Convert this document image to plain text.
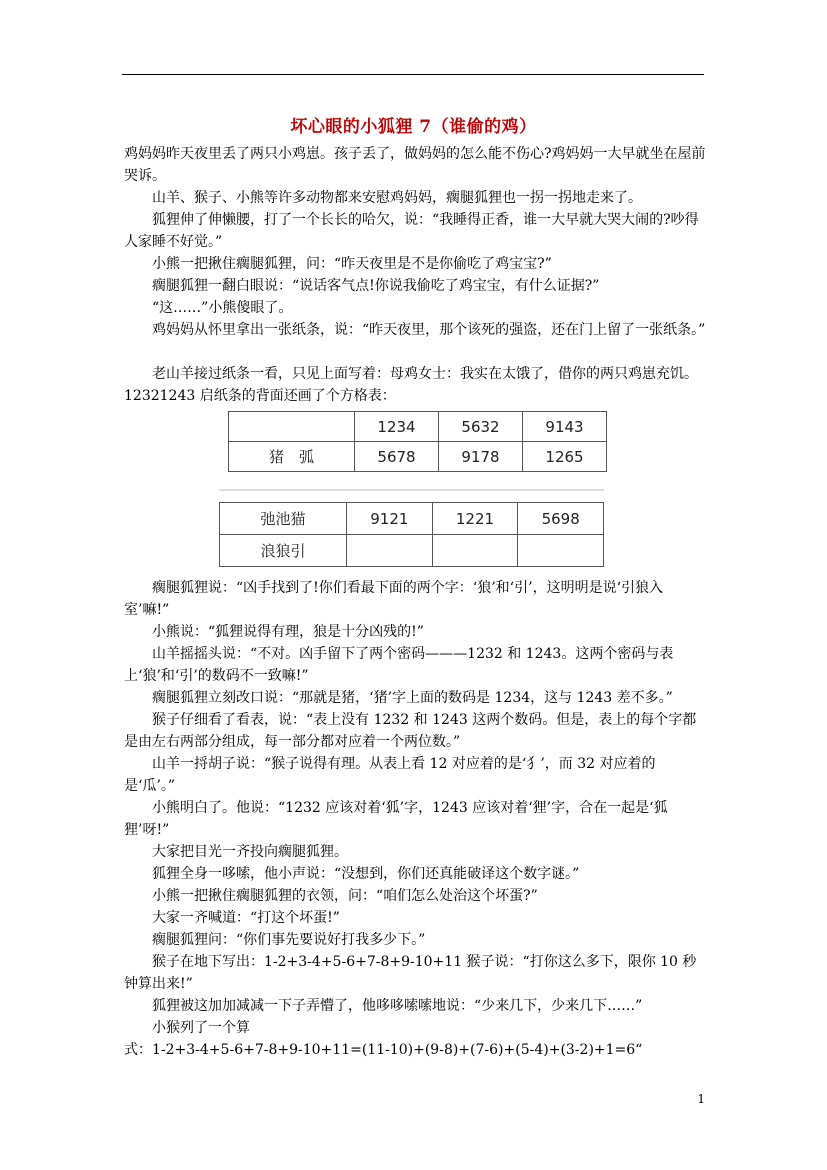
坏心眼的小狐狸 7（谁偷的鸡）

鸡妈妈昨天夜里丢了两只小鸡崽。孩子丢了，做妈妈的怎么能不伤心?鸡妈妈一大早就坐在屋前哭诉。

山羊、猴子、小熊等许多动物都来安慰鸡妈妈，瘸腿狐狸也一拐一拐地走来了。

狐狸伸了伸懒腰，打了一个长长的哈欠，说：“我睡得正香，谁一大早就大哭大闹的?吵得人家睡不好觉。”

小熊一把揪住瘸腿狐狸，问：“昨天夜里是不是你偷吃了鸡宝宝?”

瘸腿狐狸一翻白眼说：“说话客气点!你说我偷吃了鸡宝宝，有什么证据?”

“这……”小熊傻眼了。

鸡妈妈从怀里拿出一张纸条，说：“昨天夜里，那个该死的强盗，还在门上留了一张纸条。”

老山羊接过纸条一看，只见上面写着：母鸡女士：我实在太饿了，借你的两只鸡崽充饥。12321243 启纸条的背面还画了个方格表：

	1234	5632	9143
猪　弧	5678	9178	1265
弛池猫	9121	1221	5698
浪狼引			

瘸腿狐狸说：“凶手找到了!你们看最下面的两个字：‘狼’和‘引’，这明明是说‘引狼入室’嘛!”

小熊说：“狐狸说得有理，狼是十分凶残的!”

山羊摇摇头说：“不对。凶手留下了两个密码———1232 和 1243。这两个密码与表上‘狼’和‘引’的数码不一致嘛!”

瘸腿狐狸立刻改口说：“那就是猪，‘猪’字上面的数码是 1234，这与 1243 差不多。”

猴子仔细看了看表，说：“表上没有 1232 和 1243 这两个数码。但是，表上的每个字都是由左右两部分组成，每一部分都对应着一个两位数。”

山羊一捋胡子说：“猴子说得有理。从表上看 12 对应着的是‘犭’，而 32 对应着的是‘瓜’。”

小熊明白了。他说：“1232 应该对着‘狐’字，1243 应该对着‘狸’字，合在一起是‘狐狸’呀!”

大家把目光一齐投向瘸腿狐狸。

狐狸全身一哆嗦，他小声说：“没想到，你们还真能破译这个数字谜。”

小熊一把揪住瘸腿狐狸的衣领，问：“咱们怎么处治这个坏蛋?”

大家一齐喊道：“打这个坏蛋!”

瘸腿狐狸问：“你们事先要说好打我多少下。”

猴子在地下写出：1-2+3-4+5-6+7-8+9-10+11 猴子说：“打你这么多下，限你 10 秒钟算出来!”

狐狸被这加加减减一下子弄懵了，他哆哆嗦嗦地说：“少来几下，少来几下……”

小猴列了一个算

式：1-2+3-4+5-6+7-8+9-10+11=(11-10)+(9-8)+(7-6)+(5-4)+(3-2)+1=6“

1
